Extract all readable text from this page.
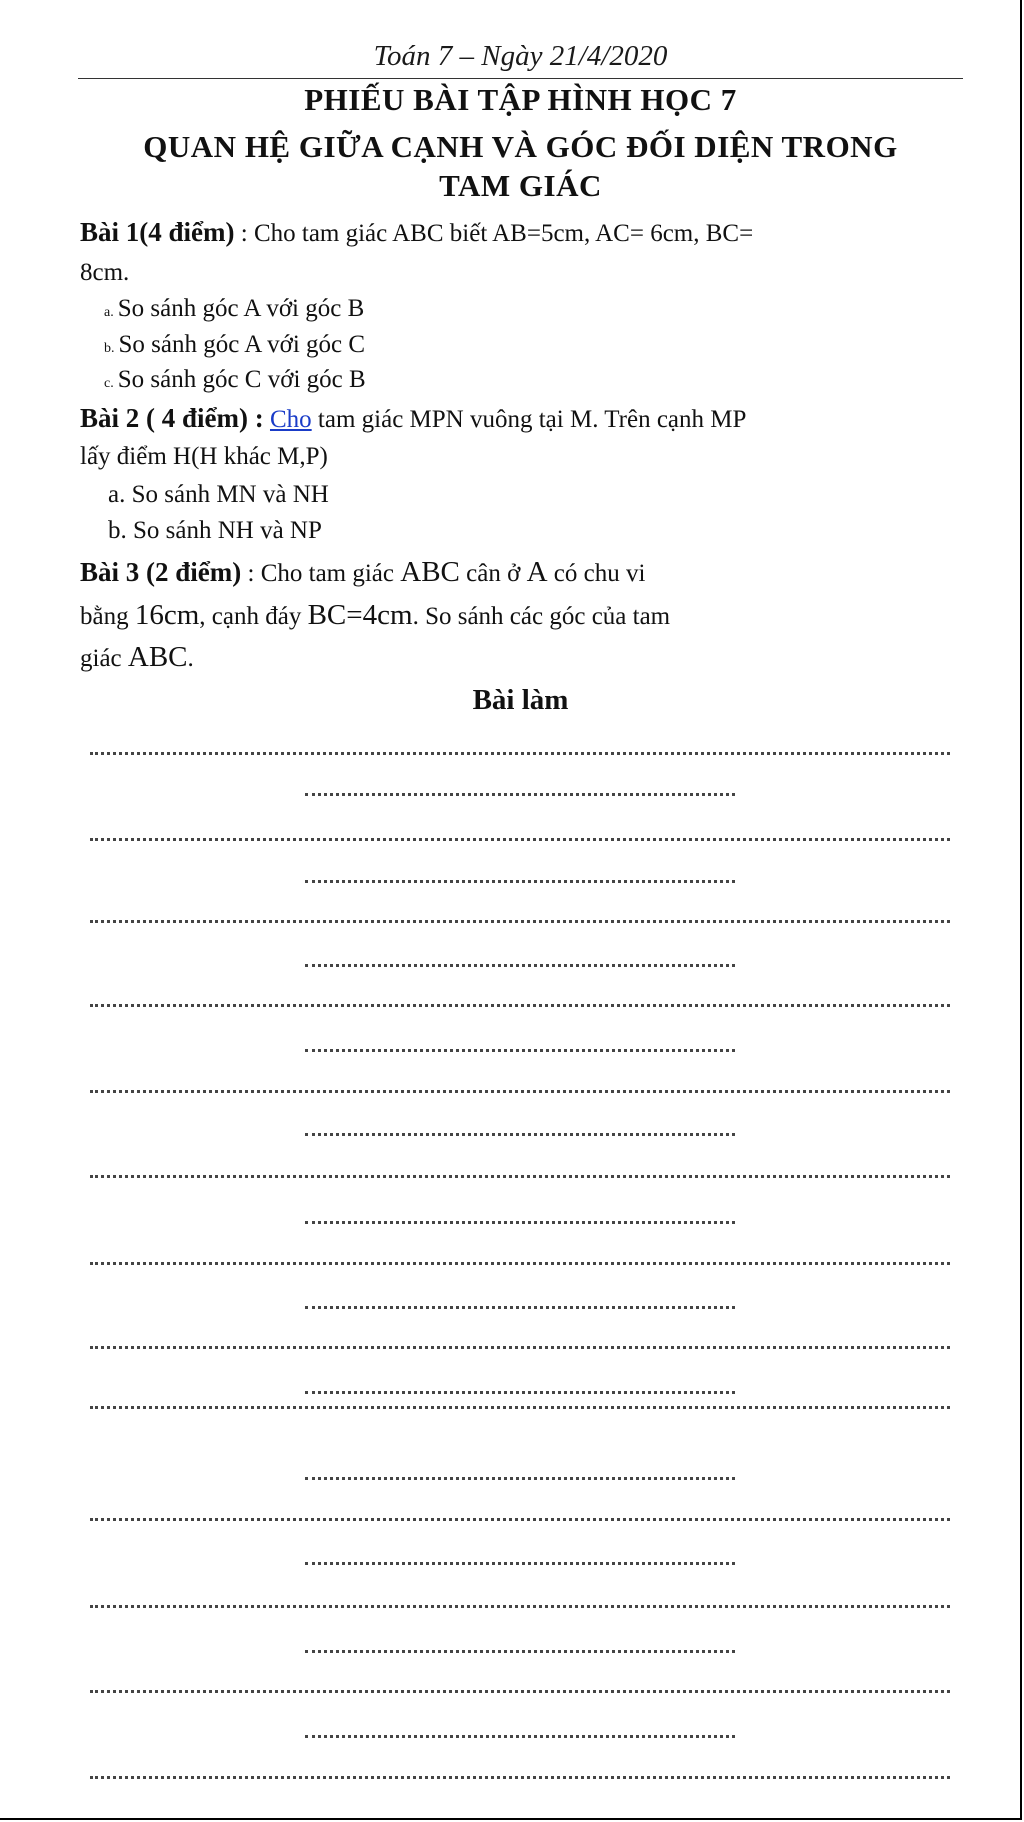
Toán 7 – Ngày 21/4/2020
PHIẾU BÀI TẬP HÌNH HỌC 7
QUAN HỆ GIỮA CẠNH VÀ GÓC ĐỐI DIỆN TRONG
TAM GIÁC
Bài 1(4 điểm) : Cho tam giác ABC biết AB=5cm, AC= 6cm, BC=
8cm.
a. So sánh góc A với góc B
b. So sánh góc A với góc C
c. So sánh góc C với góc B
Bài 2 ( 4 điểm) : Cho tam giác MPN vuông tại M. Trên cạnh MP
lấy điểm H(H khác M,P)
a. So sánh MN và NH
b. So sánh NH và NP
Bài 3 (2 điểm) : Cho tam giác ABC cân ở A có chu vi
bằng 16cm, cạnh đáy BC=4cm. So sánh các góc của tam
giác ABC.
Bài làm
